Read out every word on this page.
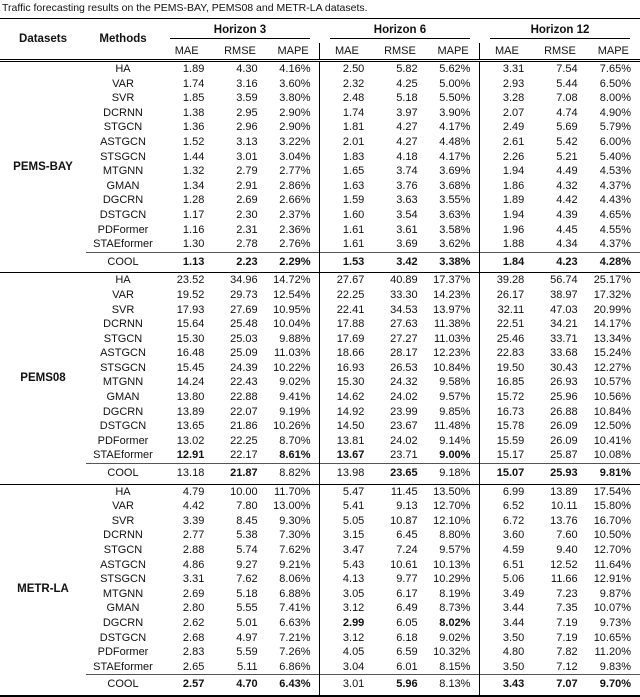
Traffic forecasting results on the PEMS-BAY, PEMS08 and METR-LA datasets.
Datasets	Methods	Horizon 3			Horizon 6			Horizon 12		

		MAE	RMSE	MAPE	MAE	RMSE	MAPE	MAE	RMSE	MAPE
PEMS-BAY	HA	1.89	4.30	4.16%	2.50	5.82	5.62%	3.31	7.54	7.65%
	VAR	1.74	3.16	3.60%	2.32	4.25	5.00%	2.93	5.44	6.50%
	SVR	1.85	3.59	3.80%	2.48	5.18	5.50%	3.28	7.08	8.00%
	DCRNN	1.38	2.95	2.90%	1.74	3.97	3.90%	2.07	4.74	4.90%
	STGCN	1.36	2.96	2.90%	1.81	4.27	4.17%	2.49	5.69	5.79%
	ASTGCN	1.52	3.13	3.22%	2.01	4.27	4.48%	2.61	5.42	6.00%
	STSGCN	1.44	3.01	3.04%	1.83	4.18	4.17%	2.26	5.21	5.40%
	MTGNN	1.32	2.79	2.77%	1.65	3.74	3.69%	1.94	4.49	4.53%
	GMAN	1.34	2.91	2.86%	1.63	3.76	3.68%	1.86	4.32	4.37%
	DGCRN	1.28	2.69	2.66%	1.59	3.63	3.55%	1.89	4.42	4.43%
	DSTGCN	1.17	2.30	2.37%	1.60	3.54	3.63%	1.94	4.39	4.65%
	PDFormer	1.16	2.31	2.36%	1.61	3.61	3.58%	1.96	4.45	4.55%
	STAEformer	1.30	2.78	2.76%	1.61	3.69	3.62%	1.88	4.34	4.37%
	COOL	1.13	2.23	2.29%	1.53	3.42	3.38%	1.84	4.23	4.28%
PEMS08	HA	23.52	34.96	14.72%	27.67	40.89	17.37%	39.28	56.74	25.17%
	VAR	19.52	29.73	12.54%	22.25	33.30	14.23%	26.17	38.97	17.32%
	SVR	17.93	27.69	10.95%	22.41	34.53	13.97%	32.11	47.03	20.99%
	DCRNN	15.64	25.48	10.04%	17.88	27.63	11.38%	22.51	34.21	14.17%
	STGCN	15.30	25.03	9.88%	17.69	27.27	11.03%	25.46	33.71	13.34%
	ASTGCN	16.48	25.09	11.03%	18.66	28.17	12.23%	22.83	33.68	15.24%
	STSGCN	15.45	24.39	10.22%	16.93	26.53	10.84%	19.50	30.43	12.27%
	MTGNN	14.24	22.43	9.02%	15.30	24.32	9.58%	16.85	26.93	10.57%
	GMAN	13.80	22.88	9.41%	14.62	24.02	9.57%	15.72	25.96	10.56%
	DGCRN	13.89	22.07	9.19%	14.92	23.99	9.85%	16.73	26.88	10.84%
	DSTGCN	13.65	21.86	10.26%	14.50	23.67	11.48%	15.78	26.09	12.50%
	PDFormer	13.02	22.25	8.70%	13.81	24.02	9.14%	15.59	26.09	10.41%
	STAEformer	12.91	22.17	8.61%	13.67	23.71	9.00%	15.17	25.87	10.08%
	COOL	13.18	21.87	8.82%	13.98	23.65	9.18%	15.07	25.93	9.81%
METR-LA	HA	4.79	10.00	11.70%	5.47	11.45	13.50%	6.99	13.89	17.54%
	VAR	4.42	7.80	13.00%	5.41	9.13	12.70%	6.52	10.11	15.80%
	SVR	3.39	8.45	9.30%	5.05	10.87	12.10%	6.72	13.76	16.70%
	DCRNN	2.77	5.38	7.30%	3.15	6.45	8.80%	3.60	7.60	10.50%
	STGCN	2.88	5.74	7.62%	3.47	7.24	9.57%	4.59	9.40	12.70%
	ASTGCN	4.86	9.27	9.21%	5.43	10.61	10.13%	6.51	12.52	11.64%
	STSGCN	3.31	7.62	8.06%	4.13	9.77	10.29%	5.06	11.66	12.91%
	MTGNN	2.69	5.18	6.88%	3.05	6.17	8.19%	3.49	7.23	9.87%
	GMAN	2.80	5.55	7.41%	3.12	6.49	8.73%	3.44	7.35	10.07%
	DGCRN	2.62	5.01	6.63%	2.99	6.05	8.02%	3.44	7.19	9.73%
	DSTGCN	2.68	4.97	7.21%	3.12	6.18	9.02%	3.50	7.19	10.65%
	PDFormer	2.83	5.59	7.26%	4.05	6.59	10.32%	4.80	7.82	11.20%
	STAEformer	2.65	5.11	6.86%	3.04	6.01	8.15%	3.50	7.12	9.83%
	COOL	2.57	4.70	6.43%	3.01	5.96	8.13%	3.43	7.07	9.70%
